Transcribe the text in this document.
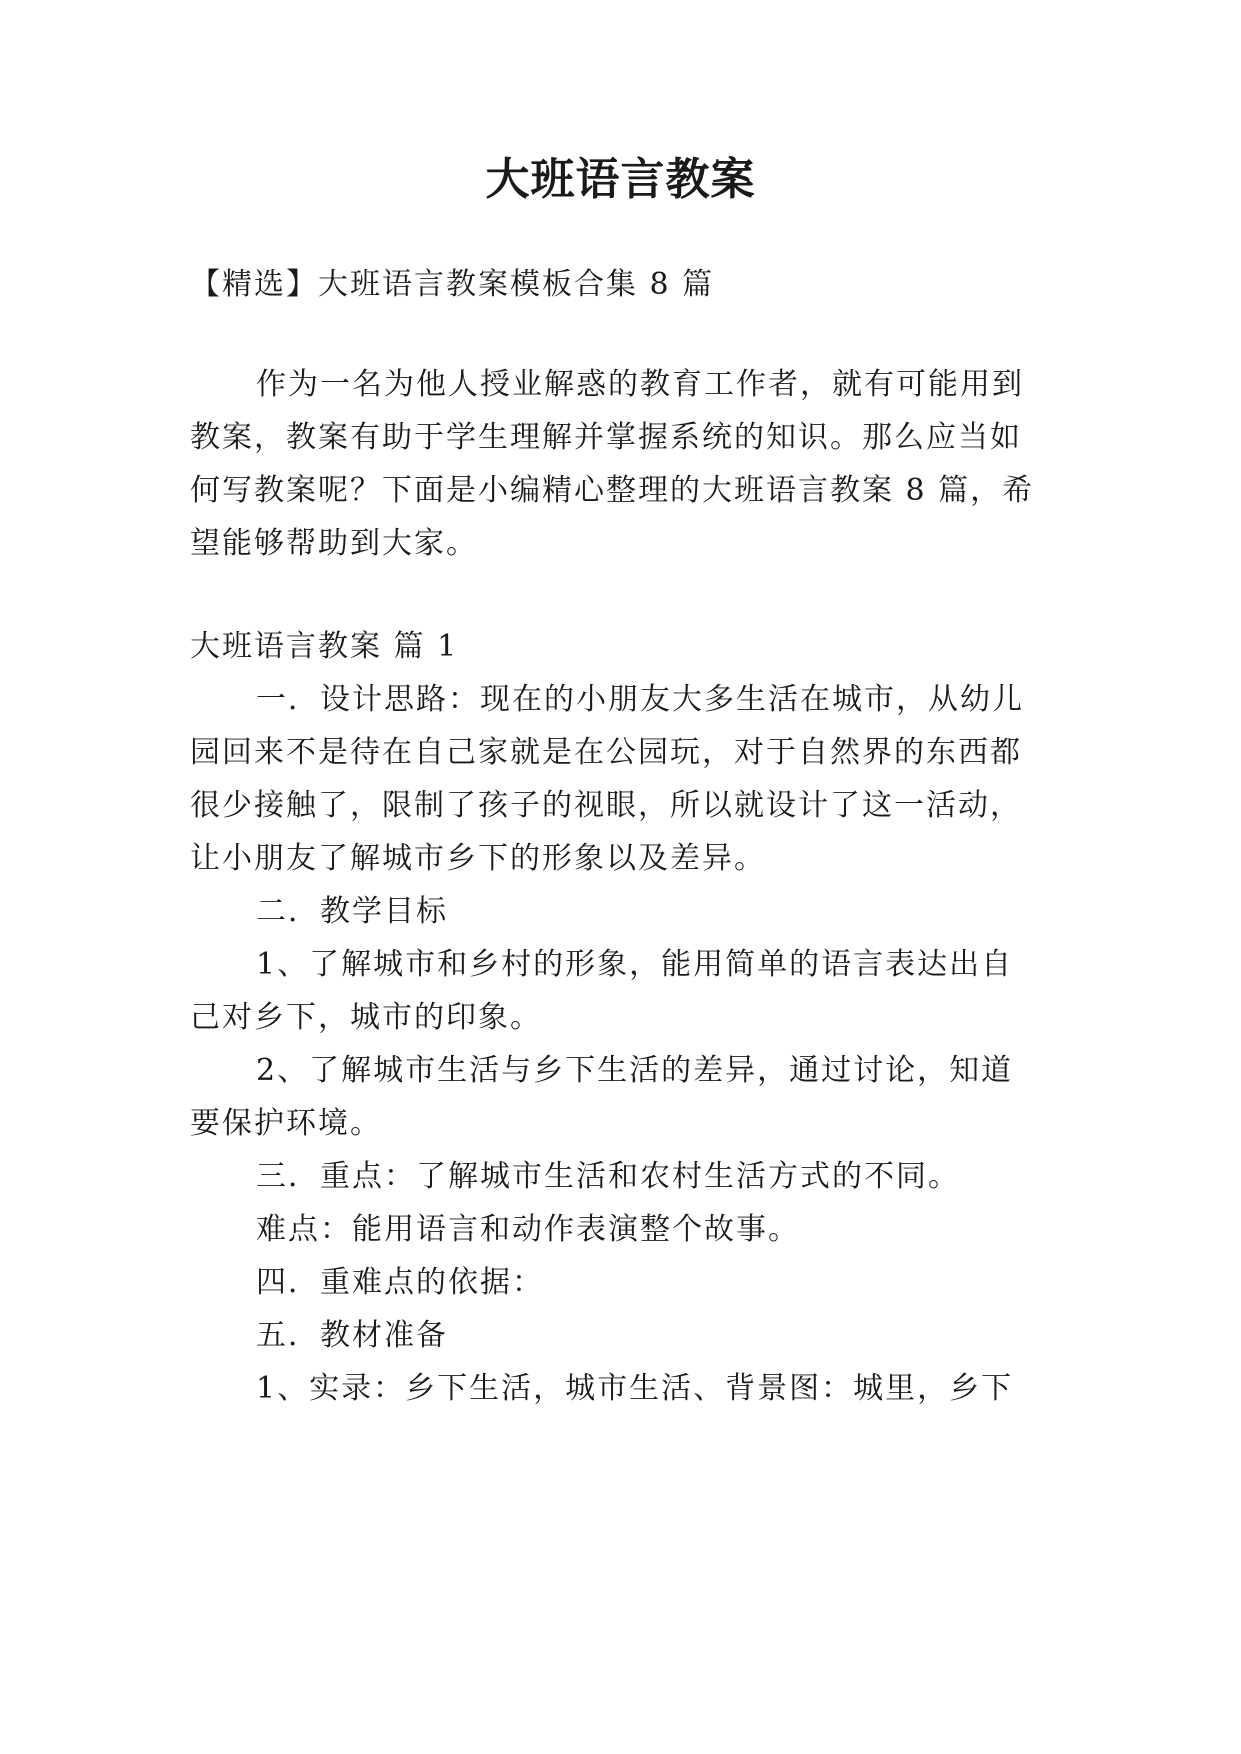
大班语言教案
【精选】大班语言教案模板合集 8 篇
作为一名为他人授业解惑的教育工作者，就有可能用到
教案，教案有助于学生理解并掌握系统的知识。那么应当如
何写教案呢？下面是小编精心整理的大班语言教案 8 篇，希
望能够帮助到大家。
大班语言教案 篇 1
一．设计思路：现在的小朋友大多生活在城市，从幼儿
园回来不是待在自己家就是在公园玩，对于自然界的东西都
很少接触了，限制了孩子的视眼，所以就设计了这一活动，
让小朋友了解城市乡下的形象以及差异。
二．教学目标
1、了解城市和乡村的形象，能用简单的语言表达出自
己对乡下，城市的印象。
2、了解城市生活与乡下生活的差异，通过讨论，知道
要保护环境。
三．重点：了解城市生活和农村生活方式的不同。
难点：能用语言和动作表演整个故事。
四．重难点的依据：
五．教材准备
1、实录：乡下生活，城市生活、背景图：城里，乡下
